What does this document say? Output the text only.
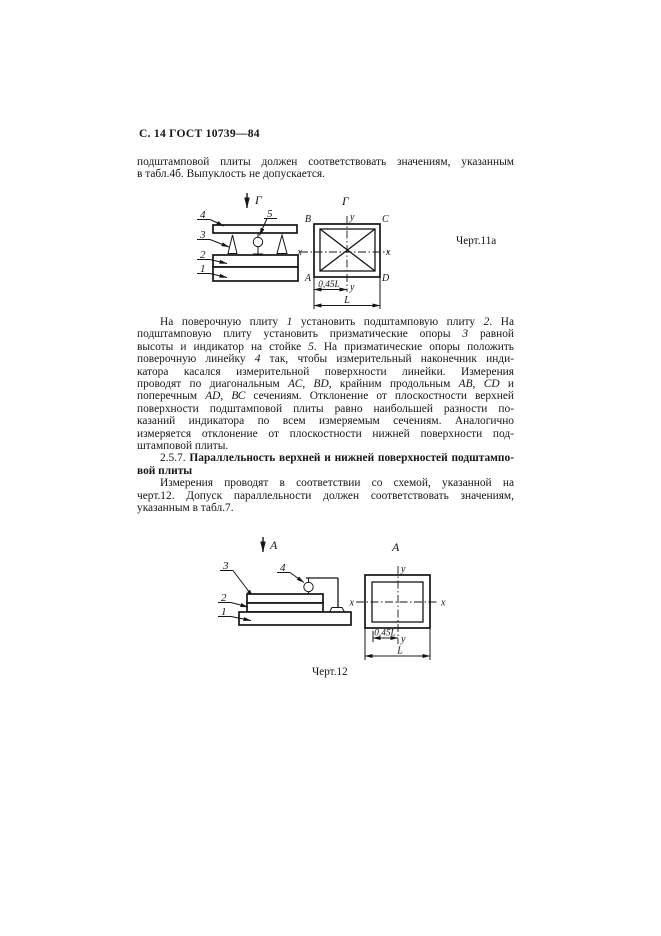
С. 14 ГОСТ 10739—84
подштамповой плиты должен соответствовать значениям, указанным
в табл.4б. Выпуклость не допускается.
Г
4
3
2
1
5
Г
B	C
A	D
x	x
y
y
0,45L
L
Черт.11а
На поверочную плиту 1 установить подштамповую плиту 2. На
подштамповую плиту установить призматические опоры 3 равной
высоты и индикатор на стойке 5. На призматические опоры положить
поверочную линейку 4 так, чтобы измерительный наконечник инди-
катора касался измерительной поверхности линейки. Измерения
проводят по диагональным АС, BD, крайним продольным АВ, CD и
поперечным AD, ВС сечениям. Отклонение от плоскостности верхней
поверхности подштамповой плиты равно наибольшей разности по-
казаний индикатора по всем измеряемым сечениям. Аналогично
измеряется отклонение от плоскостности нижней поверхности под-
штамповой плиты.
2.5.7. Параллельность верхней и нижней поверхностей подштампо-
вой плиты
Измерения проводят в соответствии со схемой, указанной на
черт.12. Допуск параллельности должен соответствовать значениям,
указанным в табл.7.
А
3	4
2
1
А
y
y
x	x
0,45L
L
Черт.12
